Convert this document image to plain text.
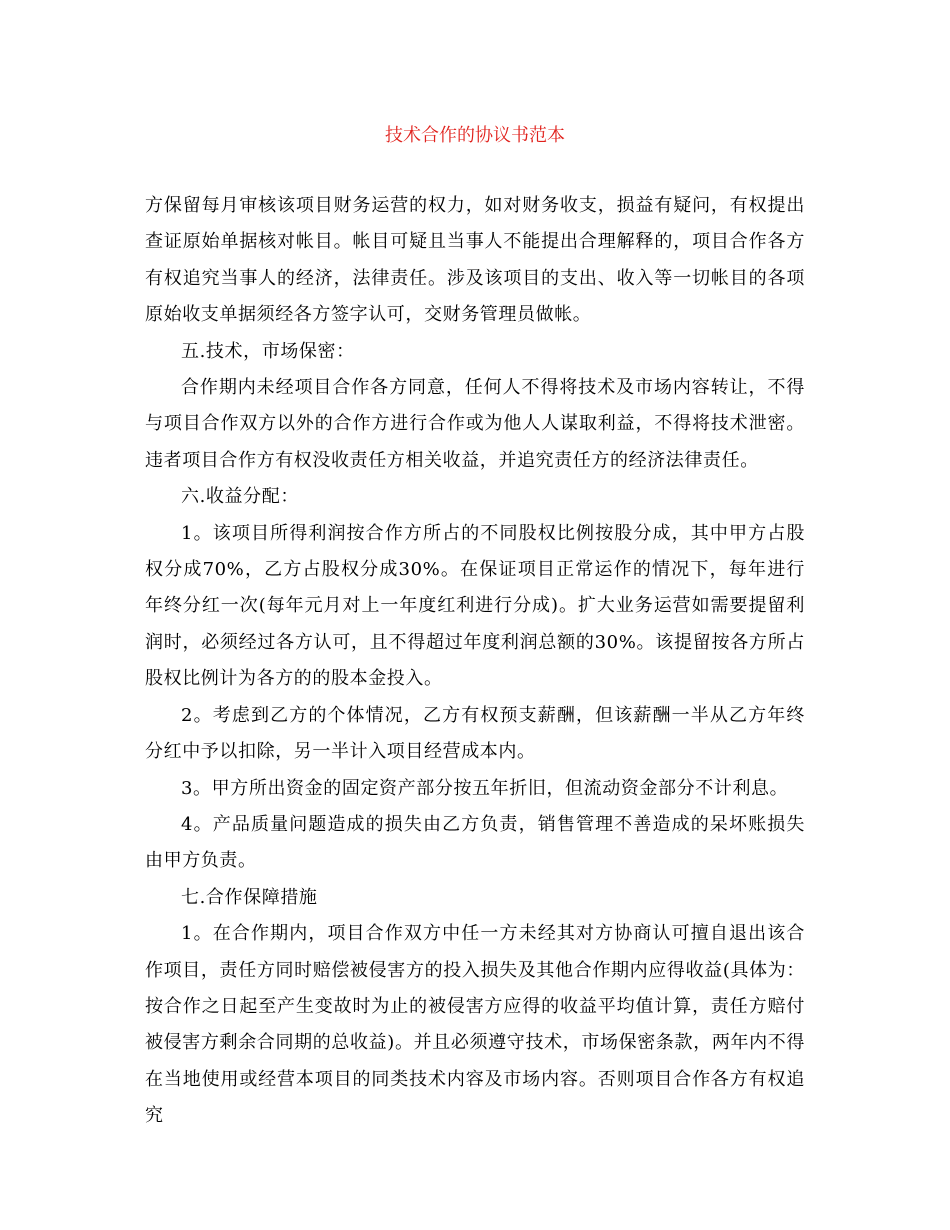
技术合作的协议书范本

方保留每月审核该项目财务运营的权力，如对财务收支，损益有疑问，有权提出查证原始单据核对帐目。帐目可疑且当事人不能提出合理解释的，项目合作各方有权追究当事人的经济，法律责任。涉及该项目的支出、收入等一切帐目的各项原始收支单据须经各方签字认可，交财务管理员做帐。

五.技术，市场保密：

合作期内未经项目合作各方同意，任何人不得将技术及市场内容转让，不得与项目合作双方以外的合作方进行合作或为他人人谋取利益，不得将技术泄密。违者项目合作方有权没收责任方相关收益，并追究责任方的经济法律责任。

六.收益分配：

1。该项目所得利润按合作方所占的不同股权比例按股分成，其中甲方占股权分成70%，乙方占股权分成30%。在保证项目正常运作的情况下，每年进行年终分红一次(每年元月对上一年度红利进行分成)。扩大业务运营如需要提留利润时，必须经过各方认可，且不得超过年度利润总额的30%。该提留按各方所占股权比例计为各方的的股本金投入。

2。考虑到乙方的个体情况，乙方有权预支薪酬，但该薪酬一半从乙方年终分红中予以扣除，另一半计入项目经营成本内。

3。甲方所出资金的固定资产部分按五年折旧，但流动资金部分不计利息。

4。产品质量问题造成的损失由乙方负责，销售管理不善造成的呆坏账损失由甲方负责。

七.合作保障措施

1。在合作期内，项目合作双方中任一方未经其对方协商认可擅自退出该合作项目，责任方同时赔偿被侵害方的投入损失及其他合作期内应得收益(具体为：按合作之日起至产生变故时为止的被侵害方应得的收益平均值计算，责任方赔付被侵害方剩余合同期的总收益)。并且必须遵守技术，市场保密条款，两年内不得在当地使用或经营本项目的同类技术内容及市场内容。否则项目合作各方有权追究
